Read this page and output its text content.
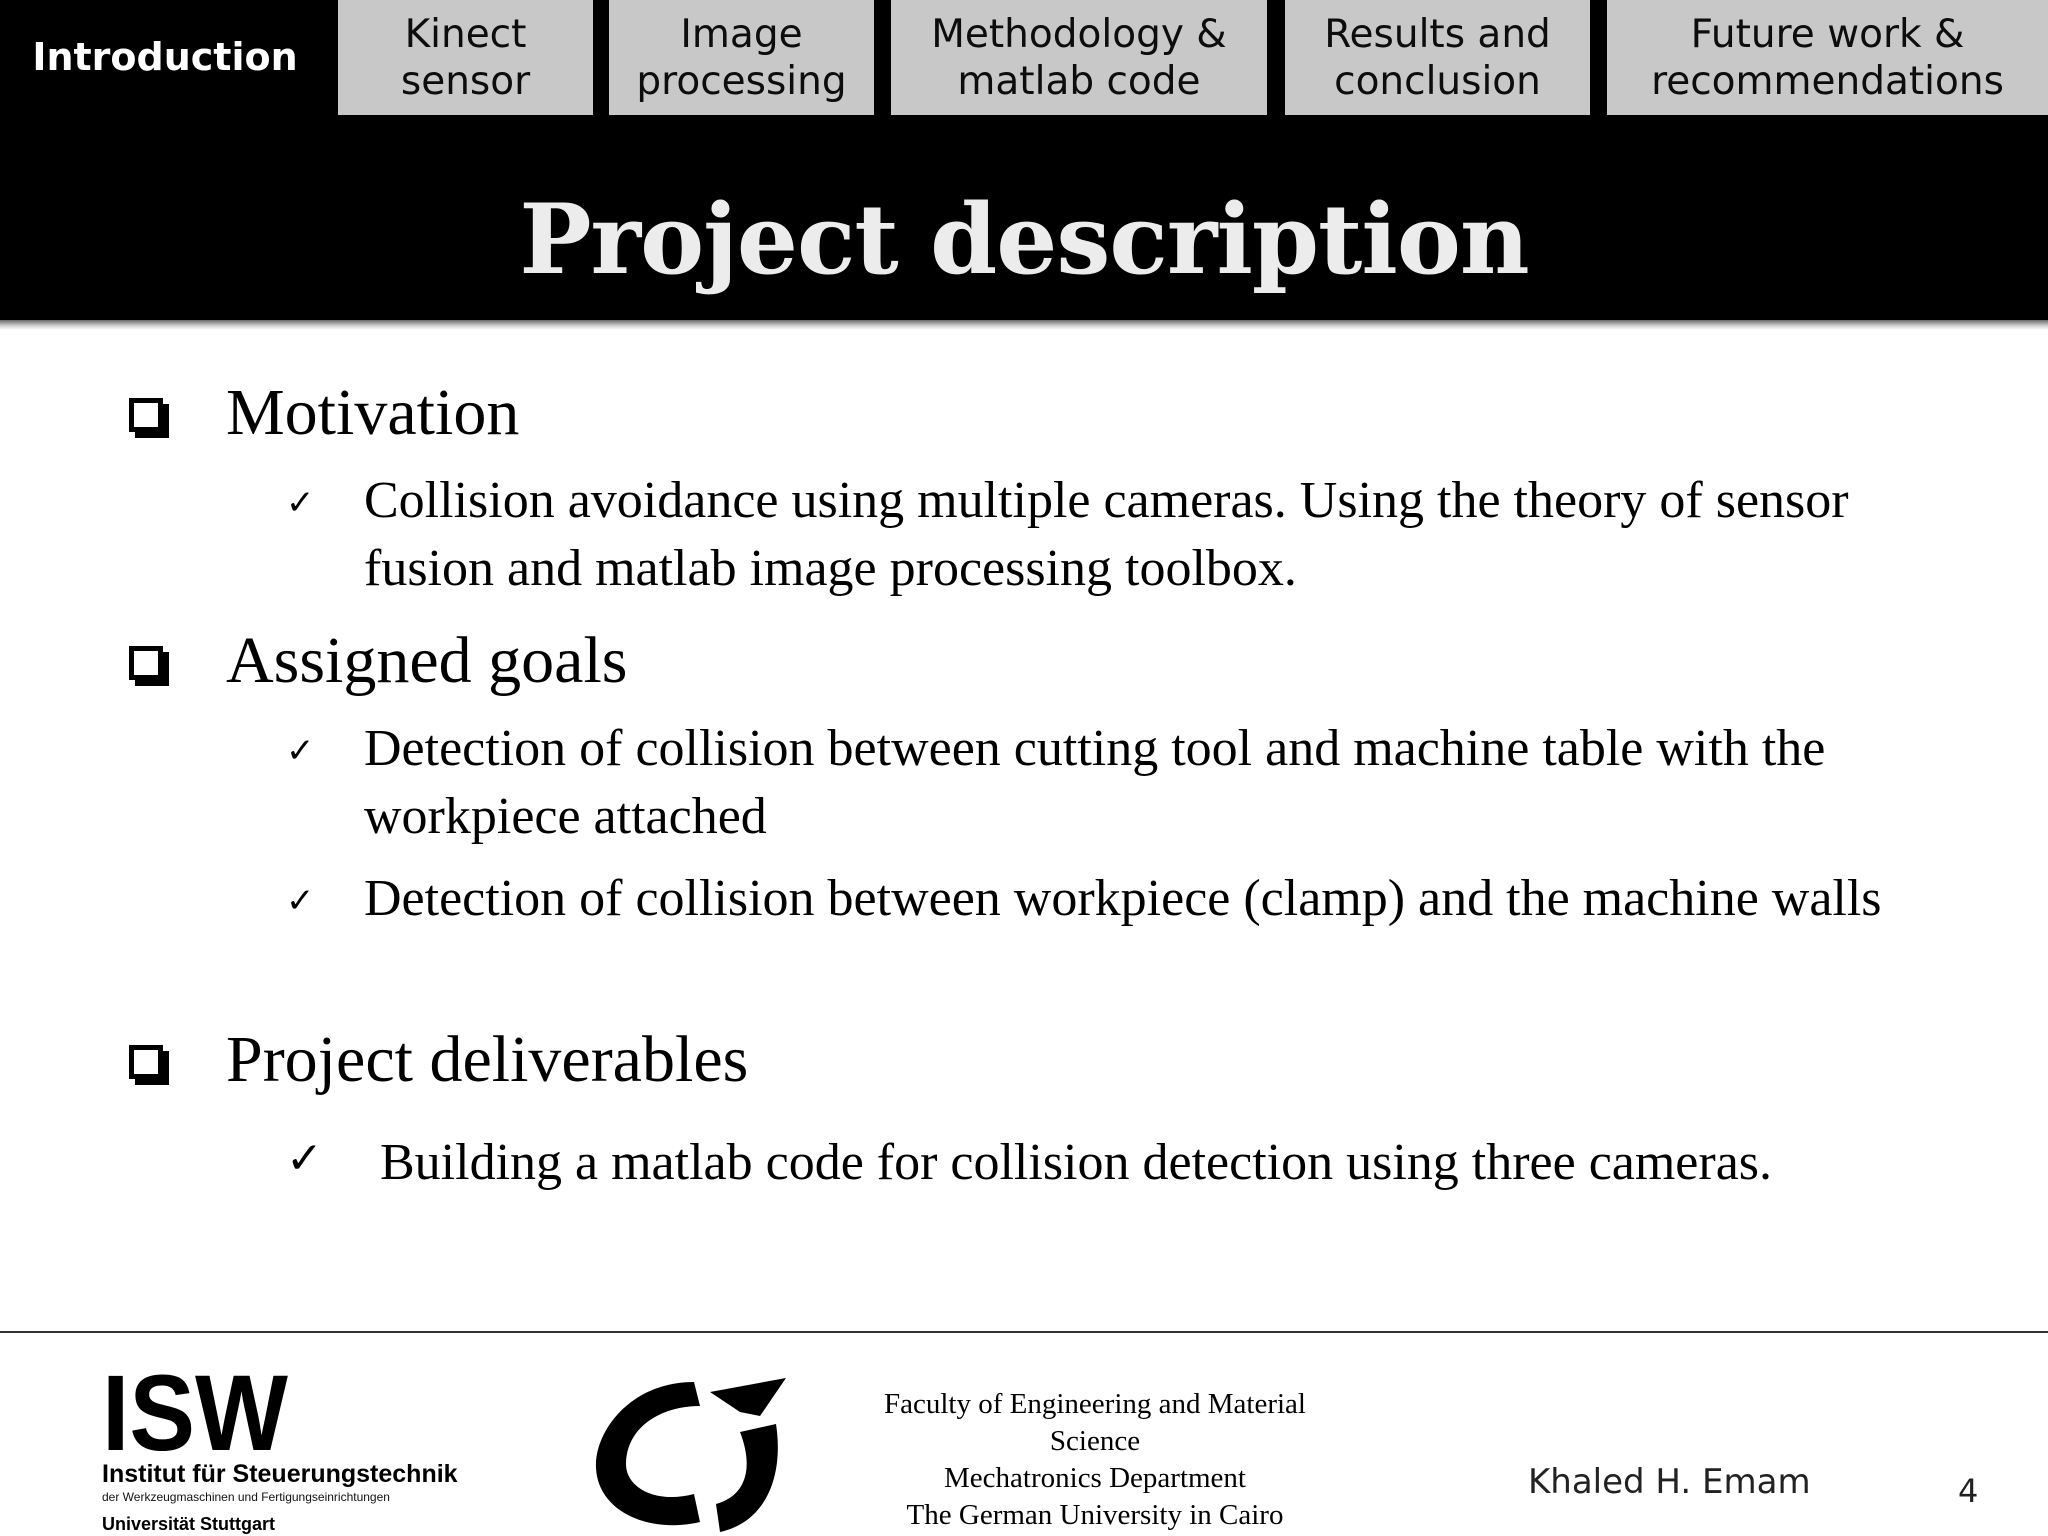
Introduction
Kinect
sensor
Image
processing
Methodology &
matlab code
Results and
conclusion
Future work &
recommendations
Project description
Motivation
✓ Collision avoidance using multiple cameras. Using the theory of sensor fusion and matlab image processing toolbox.
Assigned goals
✓ Detection of collision between cutting tool and machine table with the workpiece attached
✓ Detection of collision between workpiece (clamp) and the machine walls
Project deliverables
✓ Building a matlab code for collision detection using three cameras.
ISW
Institut für Steuerungstechnik
der Werkzeugmaschinen und Fertigungseinrichtungen
Universität Stuttgart
GU
Faculty of Engineering and Material
Science
Mechatronics Department
The German University in Cairo
Khaled H. Emam	4
